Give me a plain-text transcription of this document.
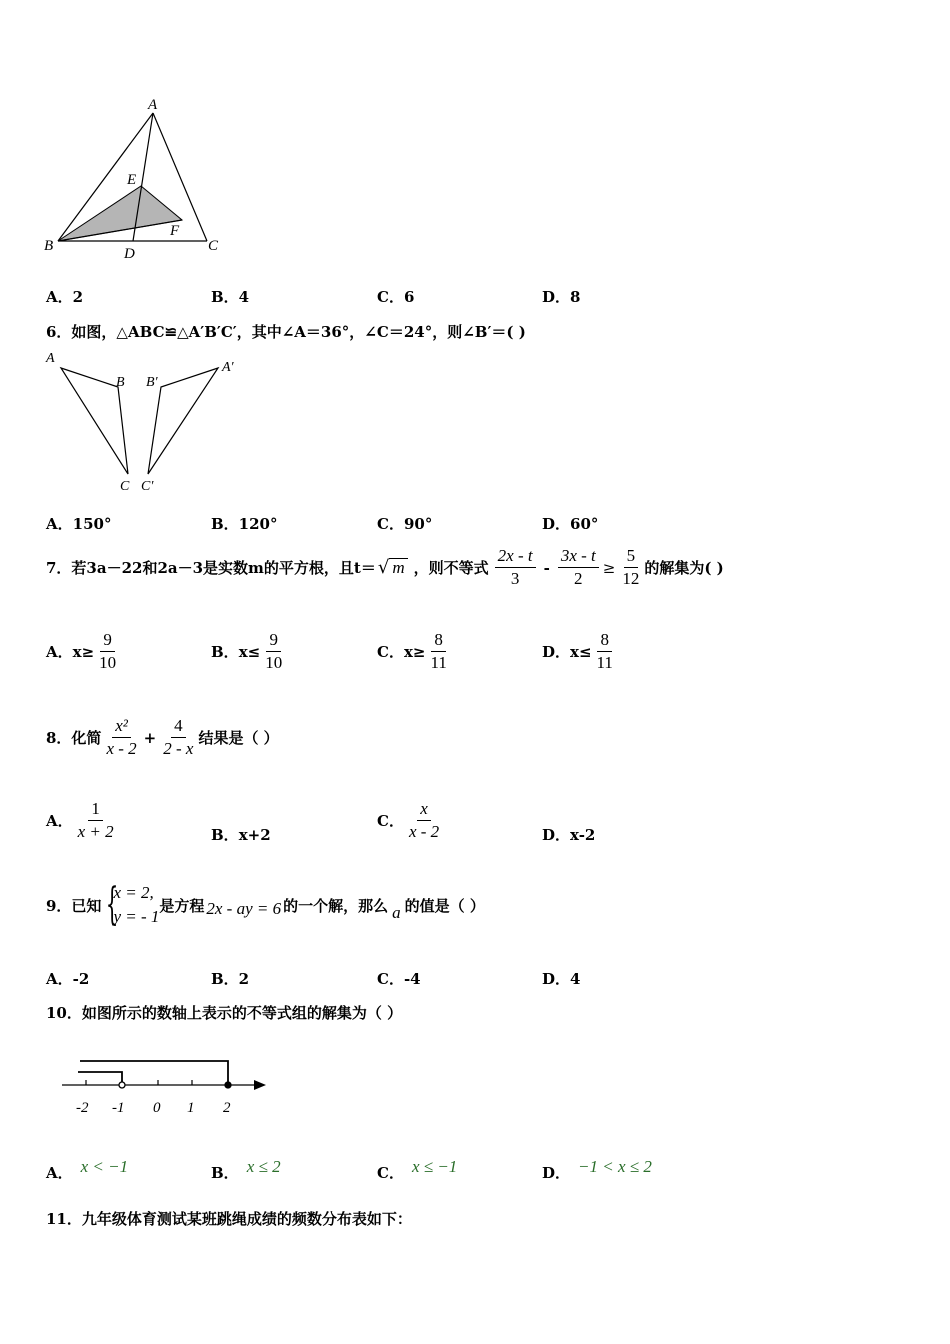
A
E
F
B	D	C
A．2	B．4	C．6	D．8
6．如图，△ABC≌△A′B′C′，其中∠A＝36°，∠C＝24°，则∠B′＝( )
A
B
C
B′
A′
C′
A．150°	B．120°	C．90°	D．60°
7．若3a－22和2a－3是实数m的平方根，且t＝ √ m ，则不等式 $\frac{2x - t}{3} - \frac{3x - t}{2} \ge \frac{5}{12}$ 的解集为( )
A． $x\ge \frac{9}{10}$	B． $x\le \frac{9}{10}$	C． $x\ge \frac{8}{11}$	D． $x\le \frac{8}{11}$
8．化简 $\frac{\text{x²}}{x - 2} + \frac{4}{2 - x}$ 结果是（ ）
A． $\frac{1}{x + 2}$	B．x+2
C． $\frac{x}{x - 2}$	D．x-2
9．已知 {
x = 2,
y = - 1
是方程 2x - ay = 6 的一个解，那么 a 的值是（ ）
A．-2	B．2	C．-4	D．4
10．如图所示的数轴上表示的不等式组的解集为（ ）
-2 -1 0 1 2
A． x < −1	B． x ≤ 2	C． x ≤ −1	D． −1 < x ≤ 2
11．九年级体育测试某班跳绳成绩的频数分布表如下：
